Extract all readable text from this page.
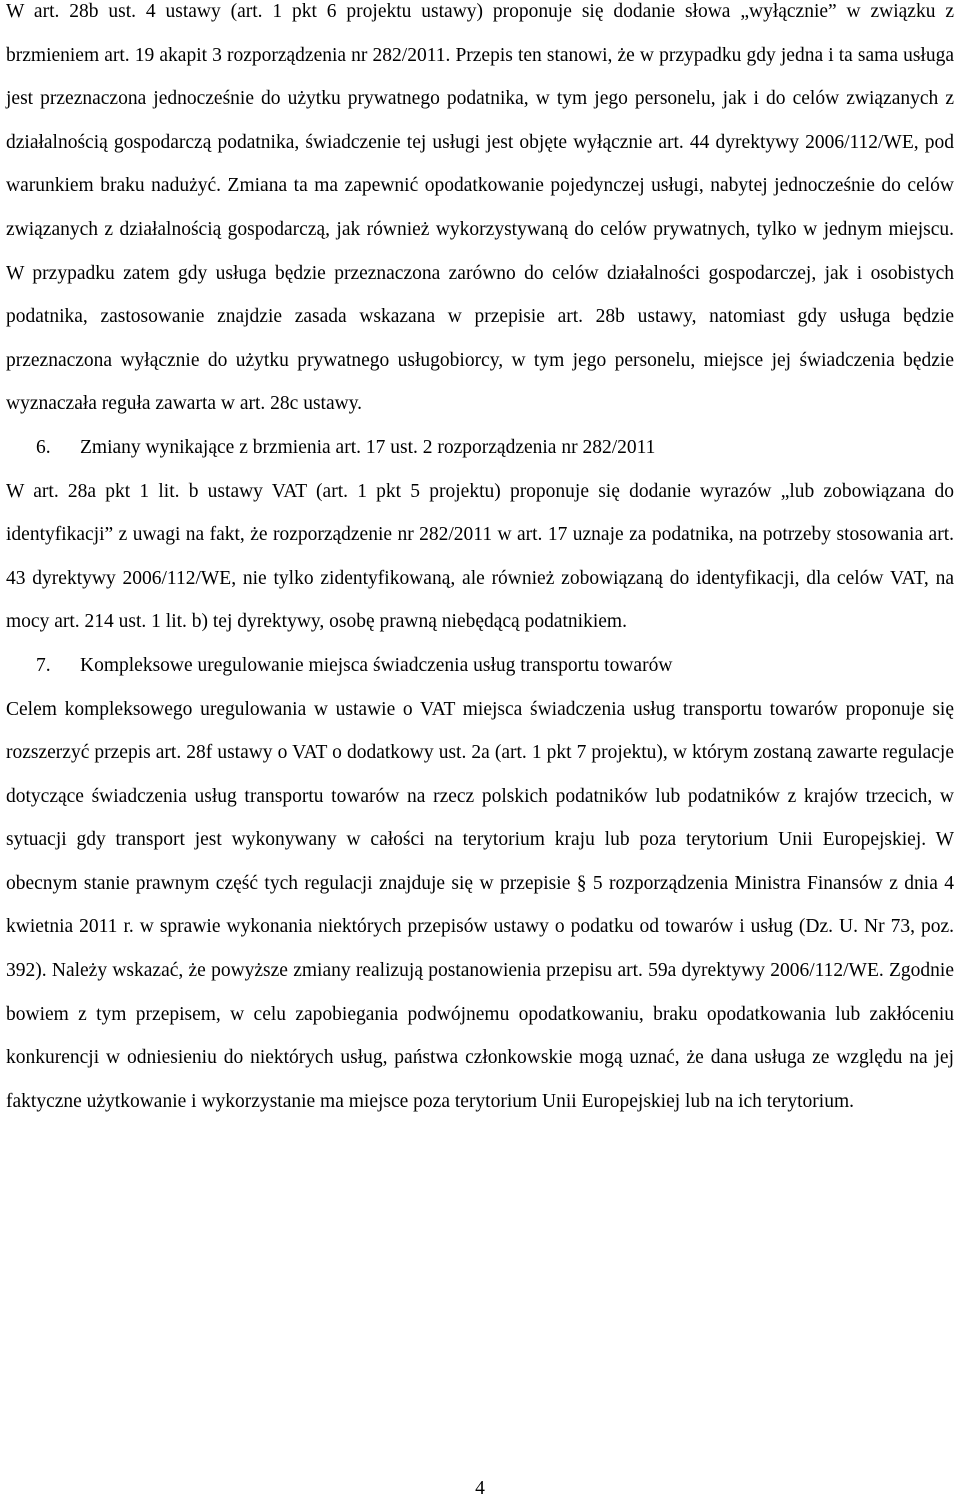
W art. 28b ust. 4 ustawy (art. 1 pkt 6 projektu ustawy) proponuje się dodanie słowa „wyłącznie” w związku z brzmieniem art. 19 akapit 3 rozporządzenia nr 282/2011. Przepis ten stanowi, że w przypadku gdy jedna i ta sama usługa jest przeznaczona jednocześnie do użytku prywatnego podatnika, w tym jego personelu, jak i do celów związanych z działalnością gospodarczą podatnika, świadczenie tej usługi jest objęte wyłącznie art. 44 dyrektywy 2006/112/WE, pod warunkiem braku nadużyć. Zmiana ta ma zapewnić opodatkowanie pojedynczej usługi, nabytej jednocześnie do celów związanych z działalnością gospodarczą, jak również wykorzystywaną do celów prywatnych, tylko w jednym miejscu. W przypadku zatem gdy usługa będzie przeznaczona zarówno do celów działalności gospodarczej, jak i osobistych podatnika, zastosowanie znajdzie zasada wskazana w przepisie art. 28b ustawy, natomiast gdy usługa będzie przeznaczona wyłącznie do użytku prywatnego usługobiorcy, w tym jego personelu, miejsce jej świadczenia będzie wyznaczała reguła zawarta w art. 28c ustawy.

6. Zmiany wynikające z brzmienia art. 17 ust. 2 rozporządzenia nr 282/2011

W art. 28a pkt 1 lit. b ustawy VAT (art. 1 pkt 5 projektu) proponuje się dodanie wyrazów „lub zobowiązana do identyfikacji” z uwagi na fakt, że rozporządzenie nr 282/2011 w art. 17 uznaje za podatnika, na potrzeby stosowania art. 43 dyrektywy 2006/112/WE, nie tylko zidentyfikowaną, ale również zobowiązaną do identyfikacji, dla celów VAT, na mocy art. 214 ust. 1 lit. b) tej dyrektywy, osobę prawną niebędącą podatnikiem.

7. Kompleksowe uregulowanie miejsca świadczenia usług transportu towarów

Celem kompleksowego uregulowania w ustawie o VAT miejsca świadczenia usług transportu towarów proponuje się rozszerzyć przepis art. 28f ustawy o VAT o dodatkowy ust. 2a (art. 1 pkt 7 projektu), w którym zostaną zawarte regulacje dotyczące świadczenia usług transportu towarów na rzecz polskich podatników lub podatników z krajów trzecich, w sytuacji gdy transport jest wykonywany w całości na terytorium kraju lub poza terytorium Unii Europejskiej. W obecnym stanie prawnym część tych regulacji znajduje się w przepisie § 5 rozporządzenia Ministra Finansów z dnia 4 kwietnia 2011 r. w sprawie wykonania niektórych przepisów ustawy o podatku od towarów i usług (Dz. U. Nr 73, poz. 392). Należy wskazać, że powyższe zmiany realizują postanowienia przepisu art. 59a dyrektywy 2006/112/WE. Zgodnie bowiem z tym przepisem, w celu zapobiegania podwójnemu opodatkowaniu, braku opodatkowania lub zakłóceniu konkurencji w odniesieniu do niektórych usług, państwa członkowskie mogą uznać, że dana usługa ze względu na jej faktyczne użytkowanie i wykorzystanie ma miejsce poza terytorium Unii Europejskiej lub na ich terytorium.

4
